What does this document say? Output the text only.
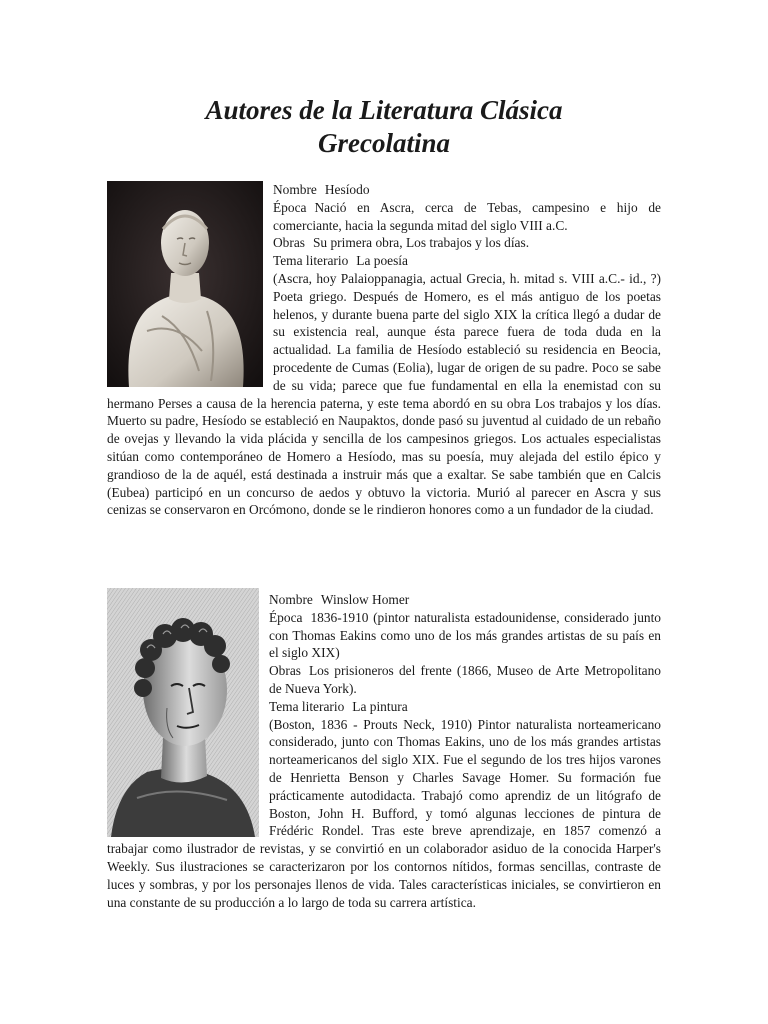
Autores de la Literatura Clásica
Grecolatina
Nombre Hesíodo
Época Nació en Ascra, cerca de Tebas, campesino e hijo de comerciante, hacia la segunda mitad del siglo VIII a.C.
Obras Su primera obra, Los trabajos y los días.
Tema literario La poesía
(Ascra, hoy Palaioppanagia, actual Grecia, h. mitad s. VIII a.C.- id., ?) Poeta griego. Después de Homero, es el más antiguo de los poetas helenos, y durante buena parte del siglo XIX la crítica llegó a dudar de su existencia real, aunque ésta parece fuera de toda duda en la actualidad. La familia de Hesíodo estableció su residencia en Beocia, procedente de Cumas (Eolia), lugar de origen de su padre. Poco se sabe de su vida; parece que fue fundamental en ella la enemistad con su hermano Perses a causa de la herencia paterna, y este tema abordó en su obra Los trabajos y los días. Muerto su padre, Hesíodo se estableció en Naupaktos, donde pasó su juventud al cuidado de un rebaño de ovejas y llevando la vida plácida y sencilla de los campesinos griegos. Los actuales especialistas sitúan como contemporáneo de Homero a Hesíodo, mas su poesía, muy alejada del estilo épico y grandioso de la de aquél, está destinada a instruir más que a exaltar. Se sabe también que en Calcis (Eubea) participó en un concurso de aedos y obtuvo la victoria. Murió al parecer en Ascra y sus cenizas se conservaron en Orcómono, donde se le rindieron honores como a un fundador de la ciudad.
Nombre Winslow Homer
Época 1836-1910 (pintor naturalista estadounidense, considerado junto con Thomas Eakins como uno de los más grandes artistas de su país en el siglo XIX)
Obras Los prisioneros del frente (1866, Museo de Arte Metropolitano de Nueva York).
Tema literario La pintura
(Boston, 1836 - Prouts Neck, 1910) Pintor naturalista norteamericano considerado, junto con Thomas Eakins, uno de los más grandes artistas norteamericanos del siglo XIX. Fue el segundo de los tres hijos varones de Henrietta Benson y Charles Savage Homer. Su formación fue prácticamente autodidacta. Trabajó como aprendiz de un litógrafo de Boston, John H. Bufford, y tomó algunas lecciones de pintura de Frédéric Rondel. Tras este breve aprendizaje, en 1857 comenzó a trabajar como ilustrador de revistas, y se convirtió en un colaborador asiduo de la conocida Harper's Weekly. Sus ilustraciones se caracterizaron por los contornos nítidos, formas sencillas, contraste de luces y sombras, y por los personajes llenos de vida. Tales características iniciales, se convirtieron en una constante de su producción a lo largo de toda su carrera artística.
